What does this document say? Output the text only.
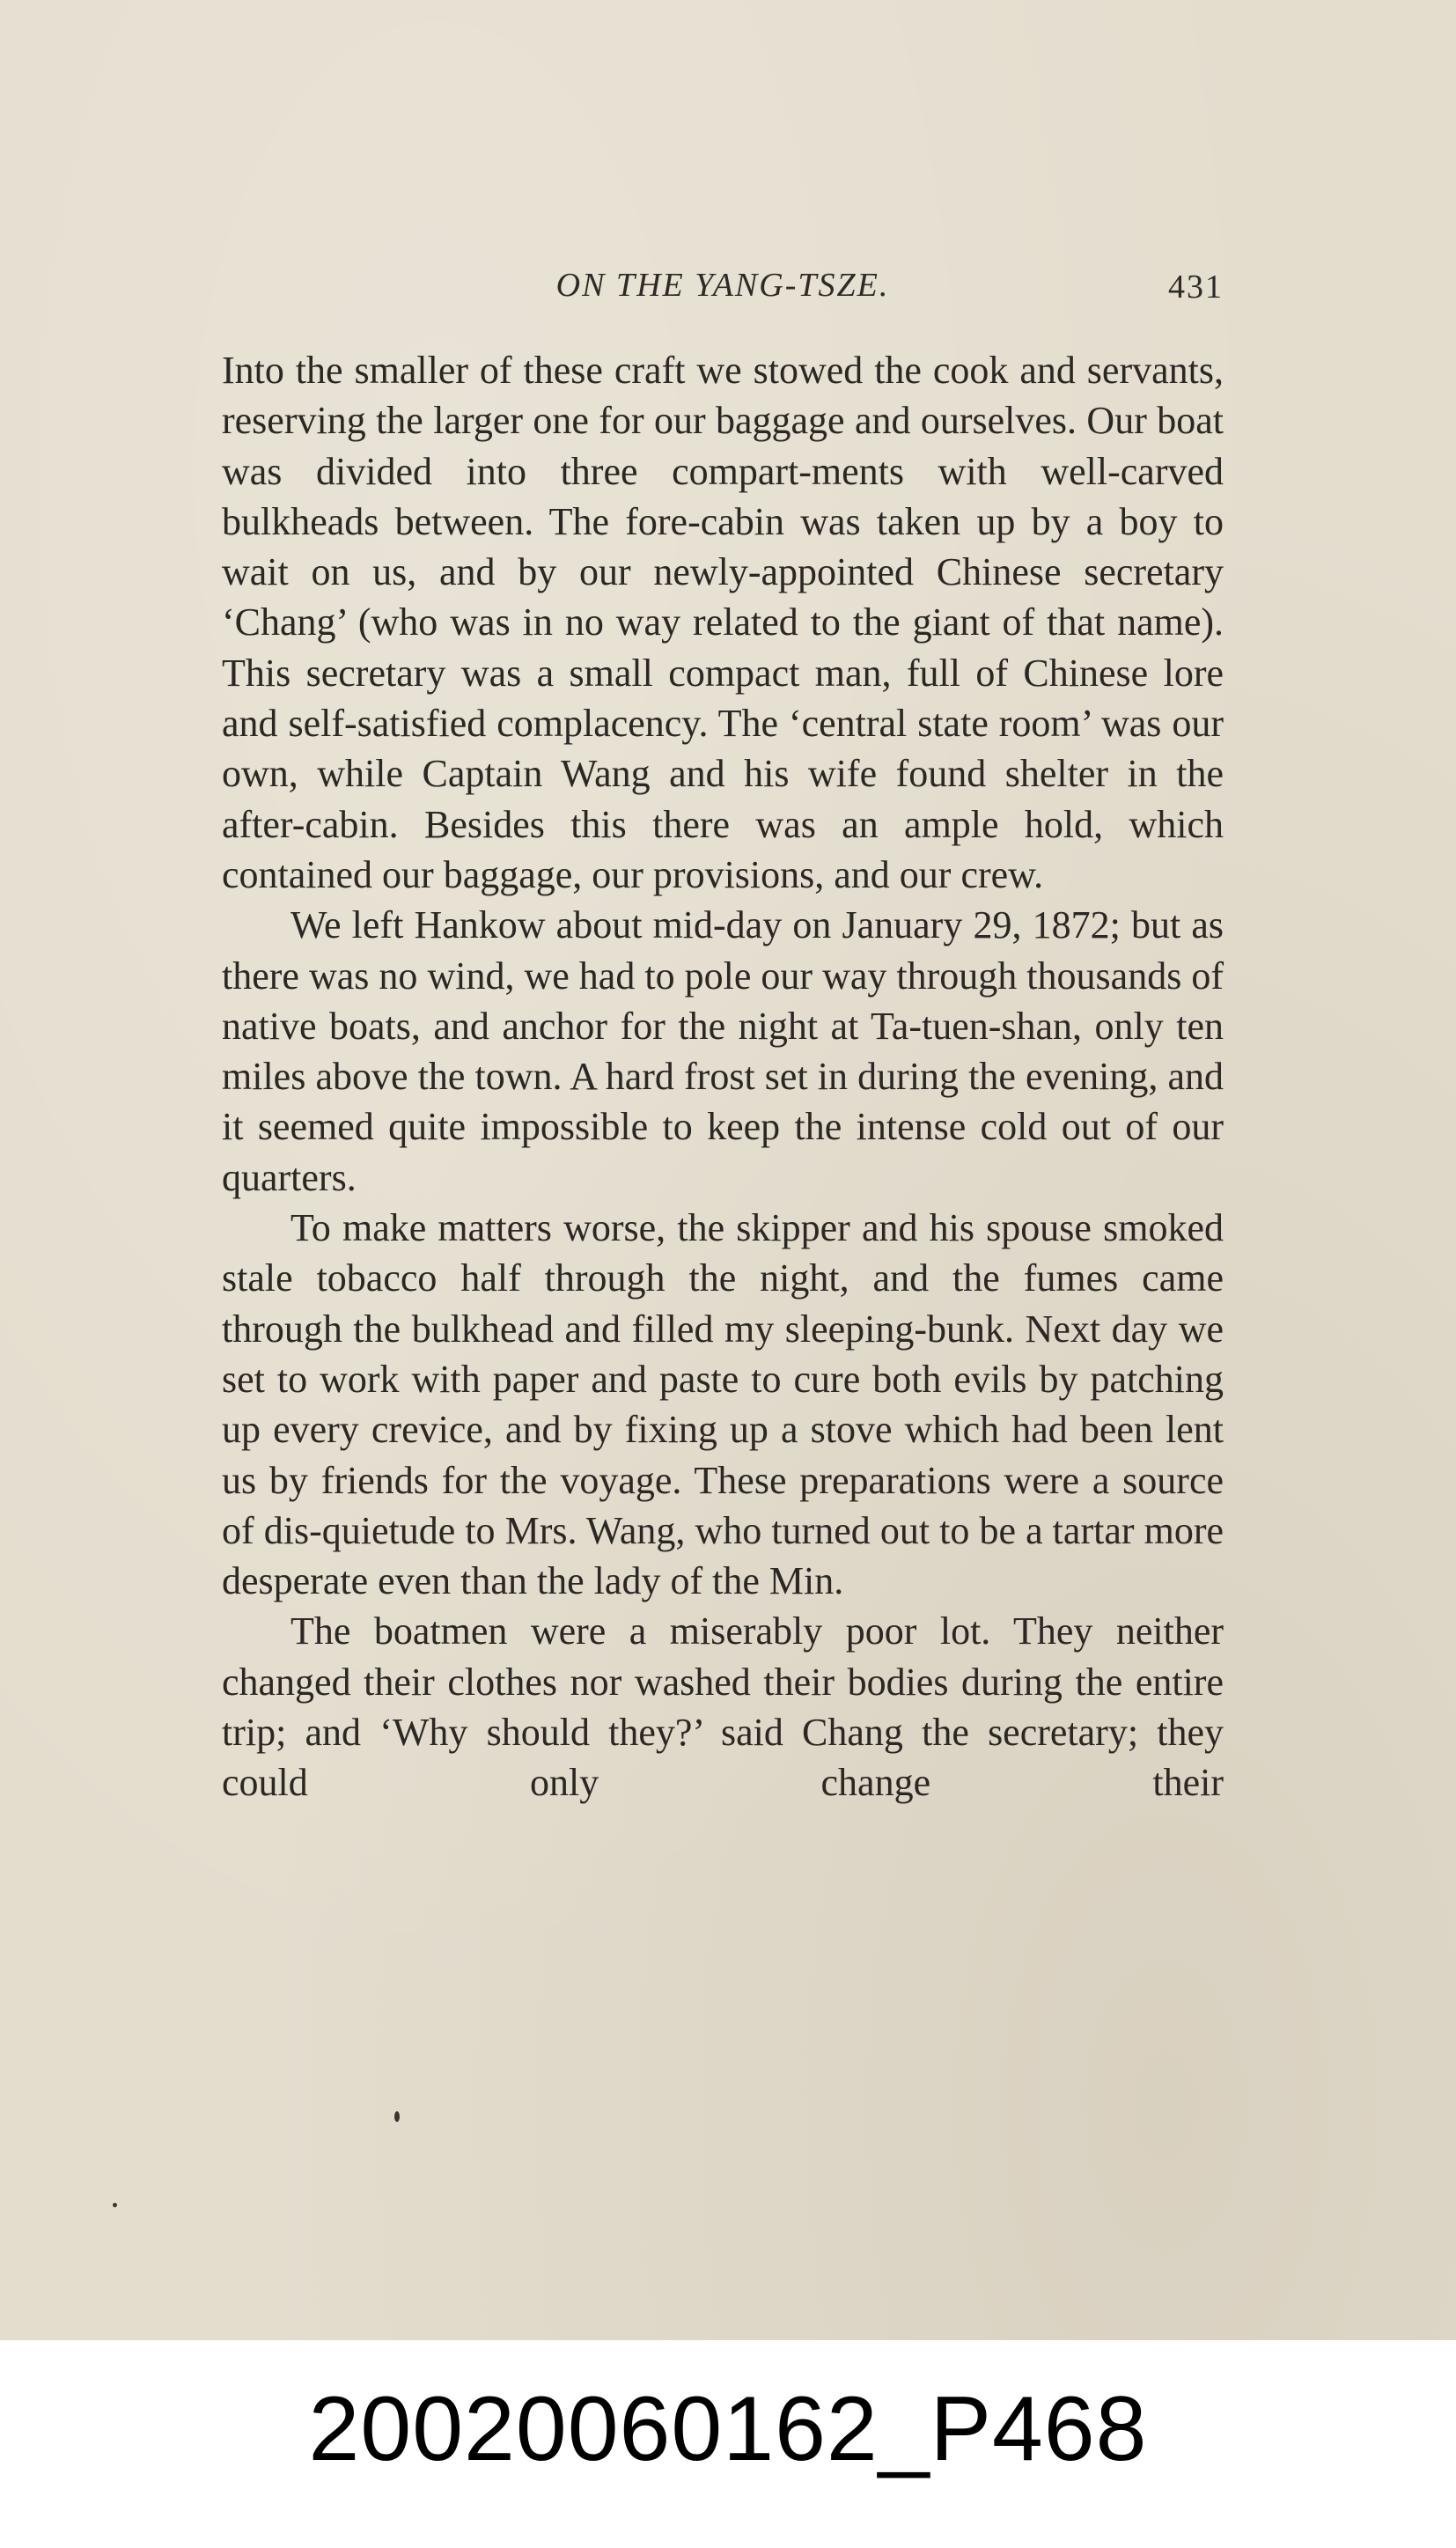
ON THE YANG-TSZE.	431

Into the smaller of these craft we stowed the cook and servants, reserving the larger one for our baggage and ourselves. Our boat was divided into three compart-ments with well-carved bulkheads between. The fore-cabin was taken up by a boy to wait on us, and by our newly-appointed Chinese secretary ‘Chang’ (who was in no way related to the giant of that name). This secretary was a small compact man, full of Chinese lore and self-satisfied complacency. The ‘central state room’ was our own, while Captain Wang and his wife found shelter in the after-cabin. Besides this there was an ample hold, which contained our baggage, our provisions, and our crew.

We left Hankow about mid-day on January 29, 1872; but as there was no wind, we had to pole our way through thousands of native boats, and anchor for the night at Ta-tuen-shan, only ten miles above the town. A hard frost set in during the evening, and it seemed quite impossible to keep the intense cold out of our quarters.

To make matters worse, the skipper and his spouse smoked stale tobacco half through the night, and the fumes came through the bulkhead and filled my sleeping-bunk. Next day we set to work with paper and paste to cure both evils by patching up every crevice, and by fixing up a stove which had been lent us by friends for the voyage. These preparations were a source of dis-quietude to Mrs. Wang, who turned out to be a tartar more desperate even than the lady of the Min.

The boatmen were a miserably poor lot. They neither changed their clothes nor washed their bodies during the entire trip; and ‘Why should they?’ said Chang the secretary; they could only change their

20020060162_P468
